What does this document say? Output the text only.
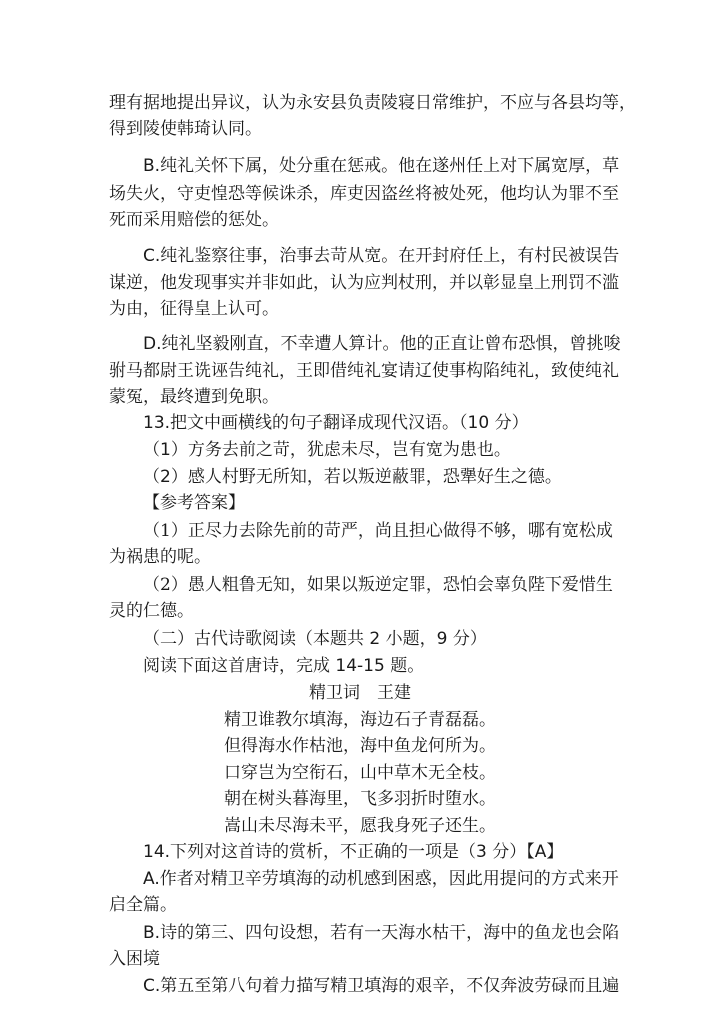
理有据地提出异议，认为永安县负责陵寝日常维护，不应与各县均等，
得到陵使韩琦认同。
B.纯礼关怀下属，处分重在惩戒。他在遂州任上对下属宽厚，草
场失火，守吏惶恐等候诛杀，库吏因盗丝将被处死，他均认为罪不至
死而采用赔偿的惩处。
C.纯礼鉴察往事，治事去苛从宽。在开封府任上，有村民被误告
谋逆，他发现事实并非如此，认为应判杖刑，并以彰显皇上刑罚不滥
为由，征得皇上认可。
D.纯礼坚毅刚直，不幸遭人算计。他的正直让曾布恐惧，曾挑唆
驸马都尉王诜诬告纯礼，王即借纯礼宴请辽使事构陷纯礼，致使纯礼
蒙冤，最终遭到免职。
13.把文中画横线的句子翻译成现代汉语。（10 分）
（1）方务去前之苛，犹虑未尽，岂有宽为患也。
（2）感人村野无所知，若以叛逆蔽罪，恐犟好生之德。
【参考答案】
（1）正尽力去除先前的苛严，尚且担心做得不够，哪有宽松成
为祸患的呢。
（2）愚人粗鲁无知，如果以叛逆定罪，恐怕会辜负陛下爱惜生
灵的仁德。
（二）古代诗歌阅读（本题共 2 小题，9 分）
阅读下面这首唐诗，完成 14-15 题。
精卫词　王建
精卫谁教尔填海，海边石子青磊磊。
但得海水作枯池，海中鱼龙何所为。
口穿岂为空衔石，山中草木无全枝。
朝在树头暮海里，飞多羽折时堕水。
嵩山未尽海未平，愿我身死子还生。
14.下列对这首诗的赏析，不正确的一项是（3 分）【A】
A.作者对精卫辛劳填海的动机感到困惑，因此用提问的方式来开
启全篇。
B.诗的第三、四句设想，若有一天海水枯干，海中的鱼龙也会陷
入困境
C.第五至第八句着力描写精卫填海的艰辛，不仅奔波劳碌而且遍
